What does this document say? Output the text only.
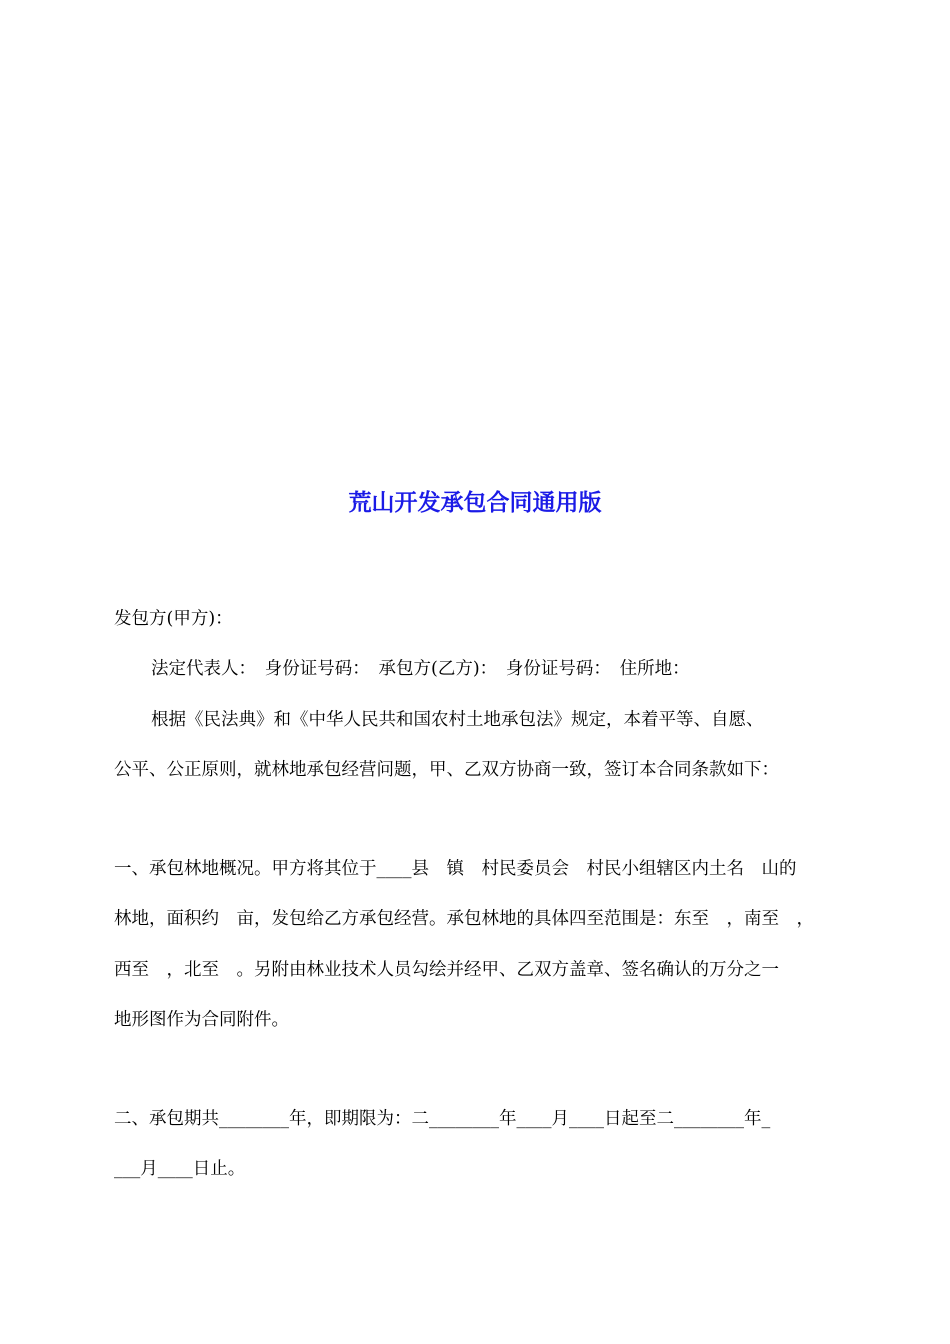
荒山开发承包合同通用版

发包方(甲方)：

法定代表人：　身份证号码：　承包方(乙方)：　身份证号码：　住所地：

根据《民法典》和《中华人民共和国农村土地承包法》规定，本着平等、自愿、

公平、公正原则，就林地承包经营问题，甲、乙双方协商一致，签订本合同条款如下：

一、承包林地概况。甲方将其位于____县　镇　村民委员会　村民小组辖区内土名　山的

林地，面积约　亩，发包给乙方承包经营。承包林地的具体四至范围是：东至　，南至　，

西至　，北至　。另附由林业技术人员勾绘并经甲、乙双方盖章、签名确认的万分之一

地形图作为合同附件。

二、承包期共________年，即期限为：二________年____月____日起至二________年_

___月____日止。
